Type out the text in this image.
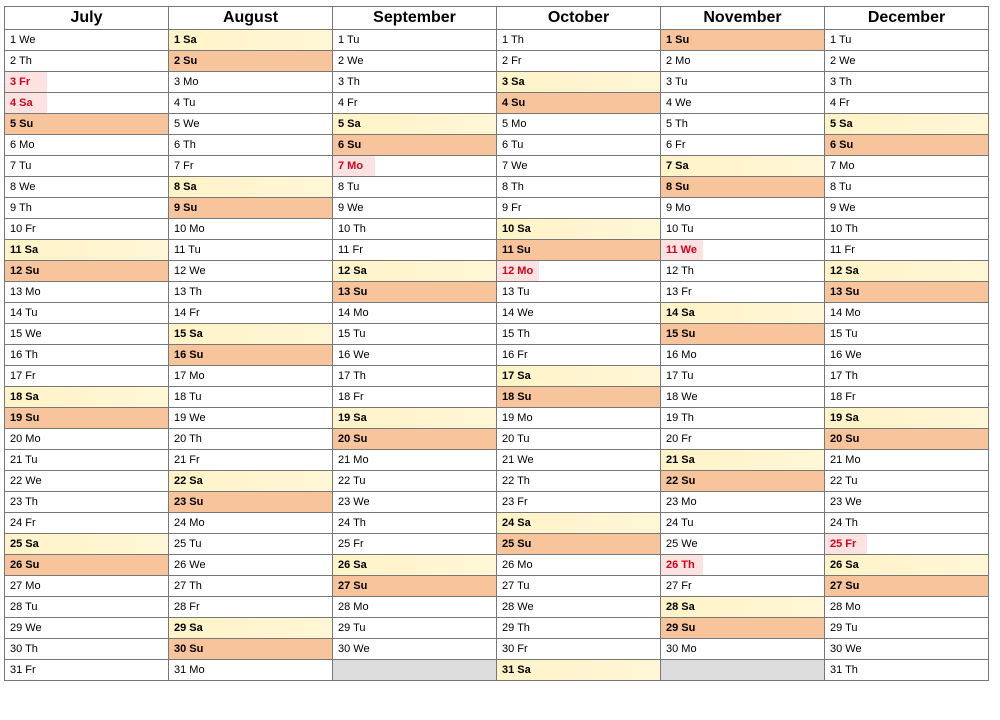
July
1 We
2 Th
3 Fr
4 Sa
5 Su
6 Mo
7 Tu
8 We
9 Th
10 Fr
11 Sa
12 Su
13 Mo
14 Tu
15 We
16 Th
17 Fr
18 Sa
19 Su
20 Mo
21 Tu
22 We
23 Th
24 Fr
25 Sa
26 Su
27 Mo
28 Tu
29 We
30 Th
31 Fr
August
1 Sa
2 Su
3 Mo
4 Tu
5 We
6 Th
7 Fr
8 Sa
9 Su
10 Mo
11 Tu
12 We
13 Th
14 Fr
15 Sa
16 Su
17 Mo
18 Tu
19 We
20 Th
21 Fr
22 Sa
23 Su
24 Mo
25 Tu
26 We
27 Th
28 Fr
29 Sa
30 Su
31 Mo
September
1 Tu
2 We
3 Th
4 Fr
5 Sa
6 Su
7 Mo
8 Tu
9 We
10 Th
11 Fr
12 Sa
13 Su
14 Mo
15 Tu
16 We
17 Th
18 Fr
19 Sa
20 Su
21 Mo
22 Tu
23 We
24 Th
25 Fr
26 Sa
27 Su
28 Mo
29 Tu
30 We
October
1 Th
2 Fr
3 Sa
4 Su
5 Mo
6 Tu
7 We
8 Th
9 Fr
10 Sa
11 Su
12 Mo
13 Tu
14 We
15 Th
16 Fr
17 Sa
18 Su
19 Mo
20 Tu
21 We
22 Th
23 Fr
24 Sa
25 Su
26 Mo
27 Tu
28 We
29 Th
30 Fr
31 Sa
November
1 Su
2 Mo
3 Tu
4 We
5 Th
6 Fr
7 Sa
8 Su
9 Mo
10 Tu
11 We
12 Th
13 Fr
14 Sa
15 Su
16 Mo
17 Tu
18 We
19 Th
20 Fr
21 Sa
22 Su
23 Mo
24 Tu
25 We
26 Th
27 Fr
28 Sa
29 Su
30 Mo
December
1 Tu
2 We
3 Th
4 Fr
5 Sa
6 Su
7 Mo
8 Tu
9 We
10 Th
11 Fr
12 Sa
13 Su
14 Mo
15 Tu
16 We
17 Th
18 Fr
19 Sa
20 Su
21 Mo
22 Tu
23 We
24 Th
25 Fr
26 Sa
27 Su
28 Mo
29 Tu
30 We
31 Th
